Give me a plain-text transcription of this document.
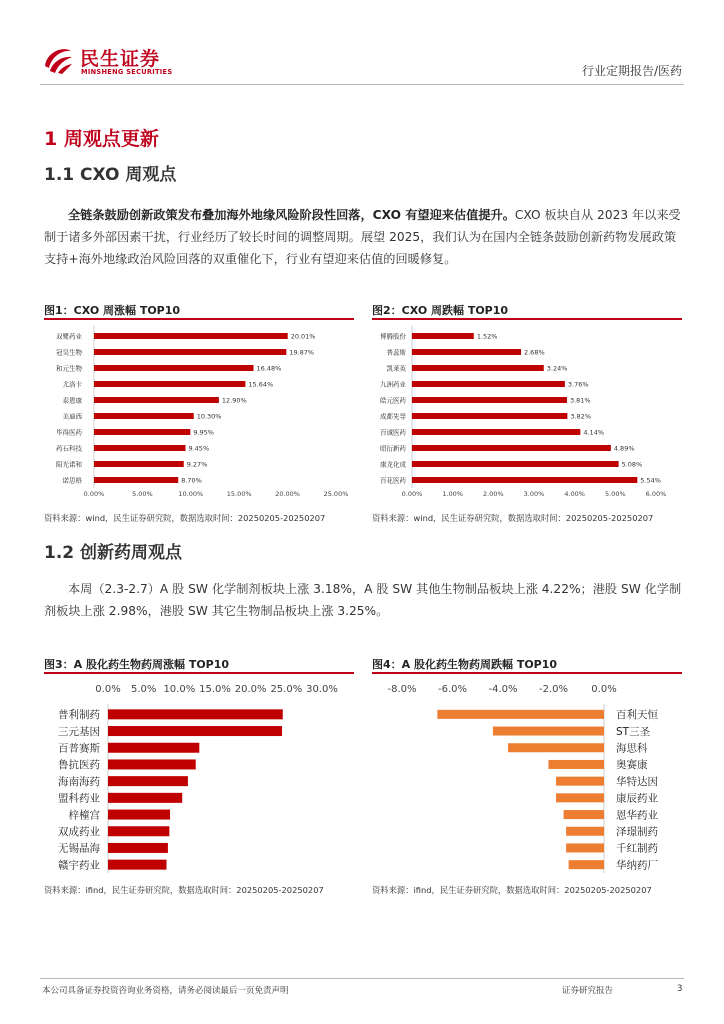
民生证券
MINSHENG SECURITIES	行业定期报告/医药
1 周观点更新
1.1 CXO 周观点
全链条鼓励创新政策发布叠加海外地缘风险阶段性回落，CXO 有望迎来估值提升。CXO 板块自从 2023 年以来受制于诸多外部因素干扰，行业经历了较长时间的调整周期。展望 2025，我们认为在国内全链条鼓励创新药物发展政策支持+海外地缘政治风险回落的双重催化下，行业有望迎来估值的回暖修复。
图1：CXO 周涨幅 TOP10
0.00%	5.00%	10.00%	15.00%	20.00%	25.00%
双鹭药业	20.01%
冠昊生物	19.87%
和元生物	16.48%
尤洛卡	15.64%
泰恩康	12.90%
美迪西	10.30%
毕得医药	9.95%
药石科技	9.45%
阳光诺和	9.27%
诺思格	8.70%
资料来源：wind，民生证券研究院，数据选取时间：20250205-20250207
图2：CXO 周跌幅 TOP10
0.00%	1.00%	2.00%	3.00%	4.00%	5.00%	6.00%
博腾股份	1.52%
普蕊斯	2.68%
凯莱英	3.24%
九洲药业	3.76%
皓元医药	3.81%
成都先导	3.82%
百诚医药	4.14%
昭衍新药	4.89%
康龙化成	5.08%
百花医药	5.54%
资料来源：wind，民生证券研究院，数据选取时间：20250205-20250207
1.2 创新药周观点
本周（2.3-2.7）A 股 SW 化学制剂板块上涨 3.18%，A 股 SW 其他生物制品板块上涨 4.22%；港股 SW 化学制剂板块上涨 2.98%，港股 SW 其它生物制品板块上涨 3.25%。
图3：A 股化药生物药周涨幅 TOP10
0.0% 5.0% 10.0% 15.0% 20.0% 25.0% 30.0%
普利制药
三元基因
百普赛斯
鲁抗医药
海南海药
盟科药业
梓橦宫
双成药业
无锡晶海
赣宇药业
资料来源：ifind，民生证券研究院，数据选取时间：20250205-20250207
图4：A 股化药生物药周跌幅 TOP10
-8.0% -6.0% -4.0% -2.0% 0.0%
百利天恒
ST三圣
海思科
奥赛康
华特达因
康辰药业
恩华药业
泽璟制药
千红制药
华纳药厂
资料来源：ifind，民生证券研究院，数据选取时间：20250205-20250207
本公司具备证券投资咨询业务资格，请务必阅读最后一页免责声明	证券研究报告	3
